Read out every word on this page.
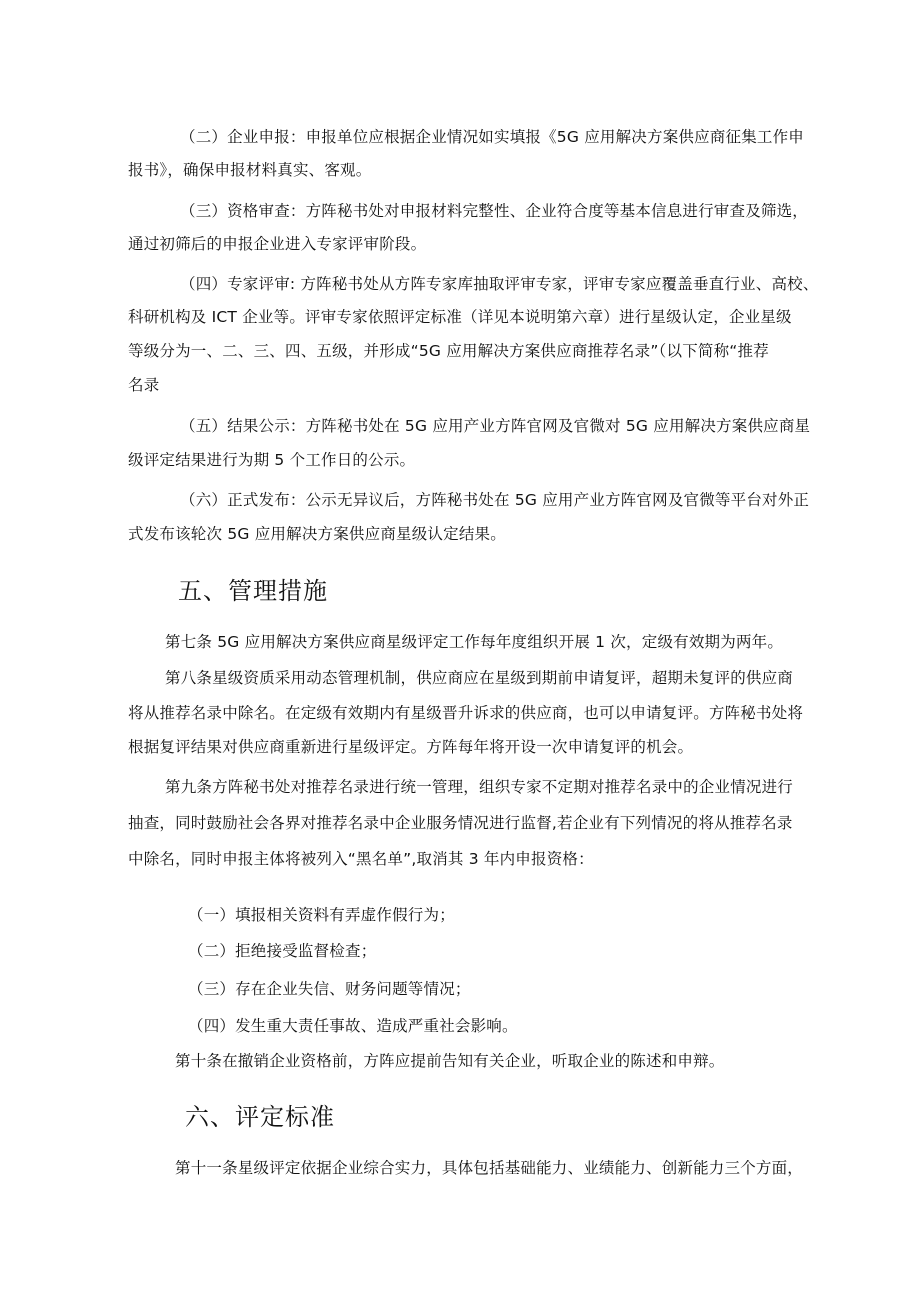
（二）企业申报：申报单位应根据企业情况如实填报《5G 应用解决方案供应商征集工作申
报书》，确保申报材料真实、客观。
（三）资格审查：方阵秘书处对申报材料完整性、企业符合度等基本信息进行审查及筛选，
通过初筛后的申报企业进入专家评审阶段。
（四）专家评审: 方阵秘书处从方阵专家库抽取评审专家，评审专家应覆盖垂直行业、高校、
科研机构及 ICT 企业等。评审专家依照评定标准（详见本说明第六章）进行星级认定，企业星级
等级分为一、二、三、四、五级，并形成“5G 应用解决方案供应商推荐名录”（以下简称“推荐
名录
（五）结果公示：方阵秘书处在 5G 应用产业方阵官网及官微对 5G 应用解决方案供应商星
级评定结果进行为期 5 个工作日的公示。
（六）正式发布：公示无异议后，方阵秘书处在 5G 应用产业方阵官网及官微等平台对外正
式发布该轮次 5G 应用解决方案供应商星级认定结果。
五、管理措施
第七条 5G 应用解决方案供应商星级评定工作每年度组织开展 1 次，定级有效期为两年。
第八条星级资质采用动态管理机制，供应商应在星级到期前申请复评，超期未复评的供应商
将从推荐名录中除名。在定级有效期内有星级晋升诉求的供应商，也可以申请复评。方阵秘书处将
根据复评结果对供应商重新进行星级评定。方阵每年将开设一次申请复评的机会。
第九条方阵秘书处对推荐名录进行统一管理，组织专家不定期对推荐名录中的企业情况进行
抽查，同时鼓励社会各界对推荐名录中企业服务情况进行监督,若企业有下列情况的将从推荐名录
中除名，同时申报主体将被列入“黑名单”,取消其 3 年内申报资格：
（一）填报相关资料有弄虚作假行为；
（二）拒绝接受监督检查；
（三）存在企业失信、财务问题等情况；
（四）发生重大责任事故、造成严重社会影响。
第十条在撤销企业资格前，方阵应提前告知有关企业，听取企业的陈述和申辩。
六、评定标准
第十一条星级评定依据企业综合实力，具体包括基础能力、业绩能力、创新能力三个方面，
